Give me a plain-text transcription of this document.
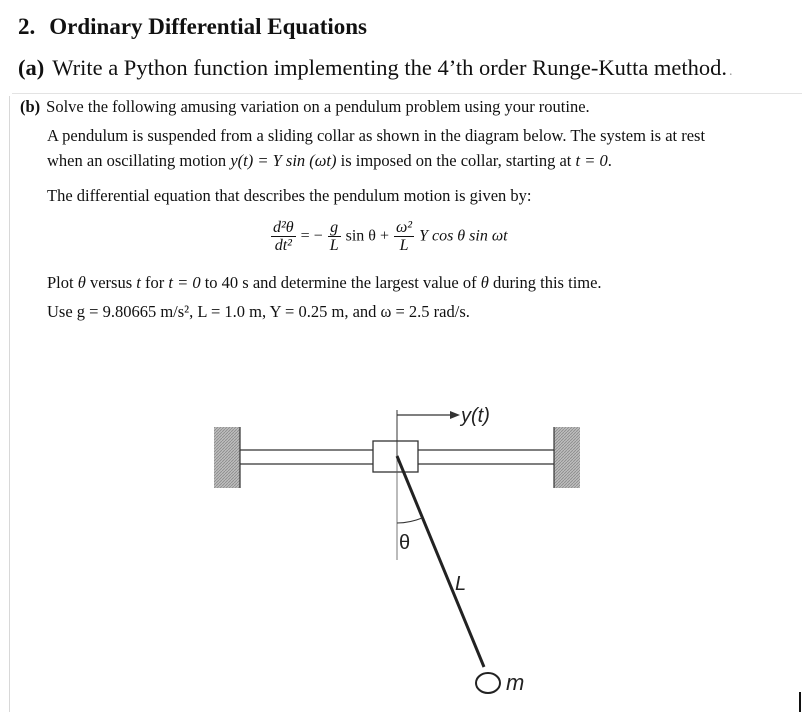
2. Ordinary Differential Equations
(a) Write a Python function implementing the 4’th order Runge-Kutta method. .
(b) Solve the following amusing variation on a pendulum problem using your routine.
A pendulum is suspended from a sliding collar as shown in the diagram below. The system is at rest
when an oscillating motion y(t) = Y sin (ωt) is imposed on the collar, starting at t = 0.
The differential equation that describes the pendulum motion is given by:
$\frac{\text{d²θ}}{\text{dt²}}$ = − $\frac{g}{L}$ $\sin \theta + \frac{\text{ω²}}{L}$ Y cos θ sin ωt
Plot θ versus t for t = 0 to 40 s and determine the largest value of θ during this time.
Use g = 9.80665 m/s², L = 1.0 m, Y = 0.25 m, and ω = 2.5 rad/s.
y(t)
θ
L
m
